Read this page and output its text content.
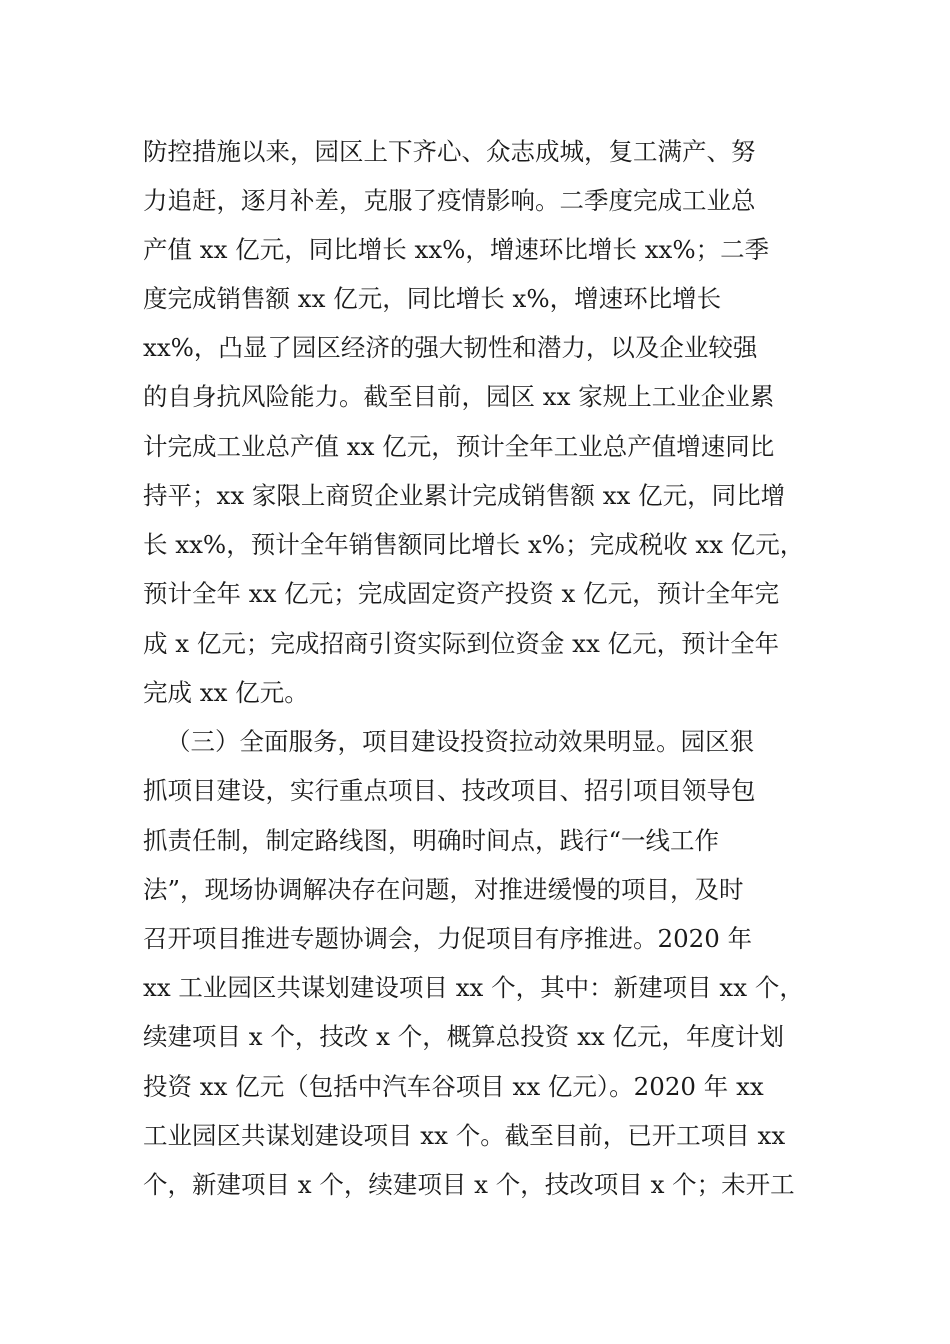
防控措施以来，园区上下齐心、众志成城，复工满产、努
力追赶，逐月补差，克服了疫情影响。二季度完成工业总
产值 xx 亿元，同比增长 xx%，增速环比增长 xx%；二季
度完成销售额 xx 亿元，同比增长 x%，增速环比增长
xx%，凸显了园区经济的强大韧性和潜力，以及企业较强
的自身抗风险能力。截至目前，园区 xx 家规上工业企业累
计完成工业总产值 xx 亿元，预计全年工业总产值增速同比
持平；xx 家限上商贸企业累计完成销售额 xx 亿元，同比增
长 xx%，预计全年销售额同比增长 x%；完成税收 xx 亿元，
预计全年 xx 亿元；完成固定资产投资 x 亿元，预计全年完
成 x 亿元；完成招商引资实际到位资金 xx 亿元，预计全年
完成 xx 亿元。
（三）全面服务，项目建设投资拉动效果明显。园区狠
抓项目建设，实行重点项目、技改项目、招引项目领导包
抓责任制，制定路线图，明确时间点，践行“一线工作
法”，现场协调解决存在问题，对推进缓慢的项目，及时
召开项目推进专题协调会，力促项目有序推进。2020 年
xx 工业园区共谋划建设项目 xx 个，其中：新建项目 xx 个，
续建项目 x 个，技改 x 个，概算总投资 xx 亿元，年度计划
投资 xx 亿元（包括中汽车谷项目 xx 亿元）。2020 年 xx
工业园区共谋划建设项目 xx 个。截至目前，已开工项目 xx
个，新建项目 x 个，续建项目 x 个，技改项目 x 个；未开工
